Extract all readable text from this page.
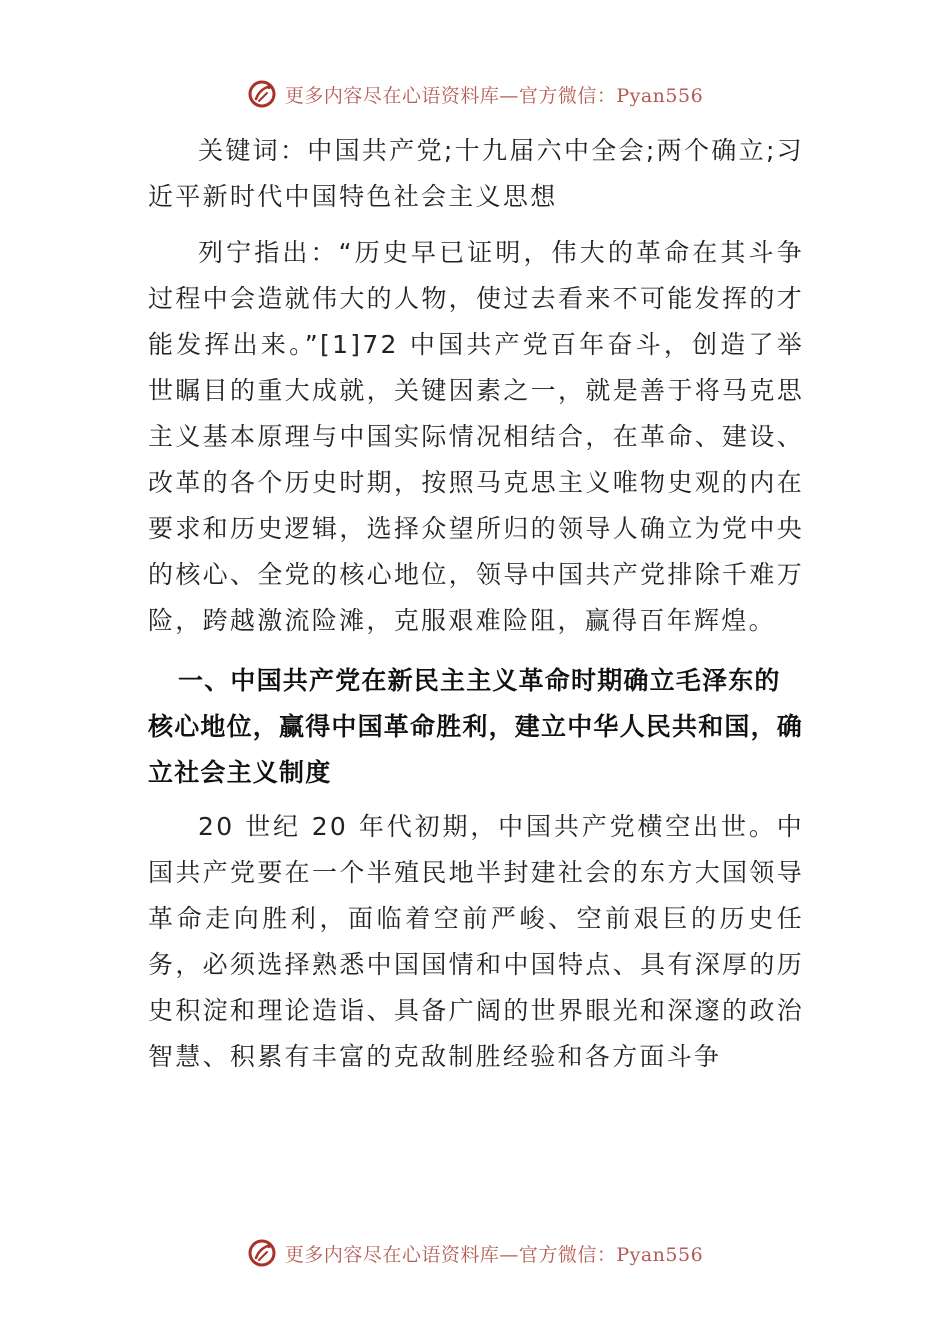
更多内容尽在心语资料库—官方微信：Pyan556

关键词：中国共产党;十九届六中全会;两个确立;习近平新时代中国特色社会主义思想

列宁指出：“历史早已证明，伟大的革命在其斗争过程中会造就伟大的人物，使过去看来不可能发挥的才能发挥出来。”[1]72 中国共产党百年奋斗，创造了举世瞩目的重大成就，关键因素之一，就是善于将马克思主义基本原理与中国实际情况相结合，在革命、建设、改革的各个历史时期，按照马克思主义唯物史观的内在要求和历史逻辑，选择众望所归的领导人确立为党中央的核心、全党的核心地位，领导中国共产党排除千难万险，跨越激流险滩，克服艰难险阻，赢得百年辉煌。

一、中国共产党在新民主主义革命时期确立毛泽东的核心地位，赢得中国革命胜利，建立中华人民共和国，确立社会主义制度

20 世纪 20 年代初期，中国共产党横空出世。中国共产党要在一个半殖民地半封建社会的东方大国领导革命走向胜利，面临着空前严峻、空前艰巨的历史任务，必须选择熟悉中国国情和中国特点、具有深厚的历史积淀和理论造诣、具备广阔的世界眼光和深邃的政治智慧、积累有丰富的克敌制胜经验和各方面斗争

更多内容尽在心语资料库—官方微信：Pyan556
